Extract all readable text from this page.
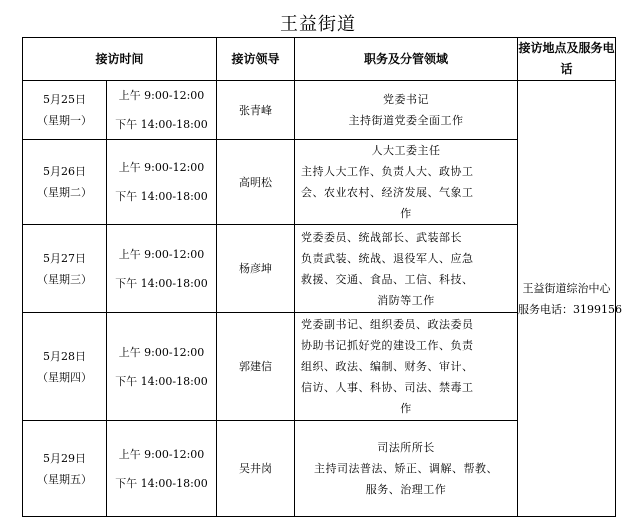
王益街道
接访时间		接访领导	职务及分管领域	接访地点及服务电话

5月25日
（星期一）	上午 9:00-12:00
下午 14:00-18:00	张青峰	党委书记
主持街道党委全面工作	王益街道综治中心
服务电话：3199156

5月26日
（星期二）	上午 9:00-12:00
下午 14:00-18:00	高明松	人大工委主任
主持人大工作、负责人大、政协工
会、农业农村、经济发展、气象工
作	

5月27日
（星期三）	上午 9:00-12:00
下午 14:00-18:00	杨彦坤	党委委员、统战部长、武装部长
负责武装、统战、退役军人、应急
救援、交通、食品、工信、科技、
消防等工作	

5月28日
（星期四）	上午 9:00-12:00
下午 14:00-18:00	郭建信	党委副书记、组织委员、政法委员
协助书记抓好党的建设工作、负责
组织、政法、编制、财务、审计、
信访、人事、科协、司法、禁毒工
作	

5月29日
（星期五）	上午 9:00-12:00
下午 14:00-18:00	吴井岗	司法所所长
主持司法普法、矫正、调解、帮教、
服务、治理工作	
